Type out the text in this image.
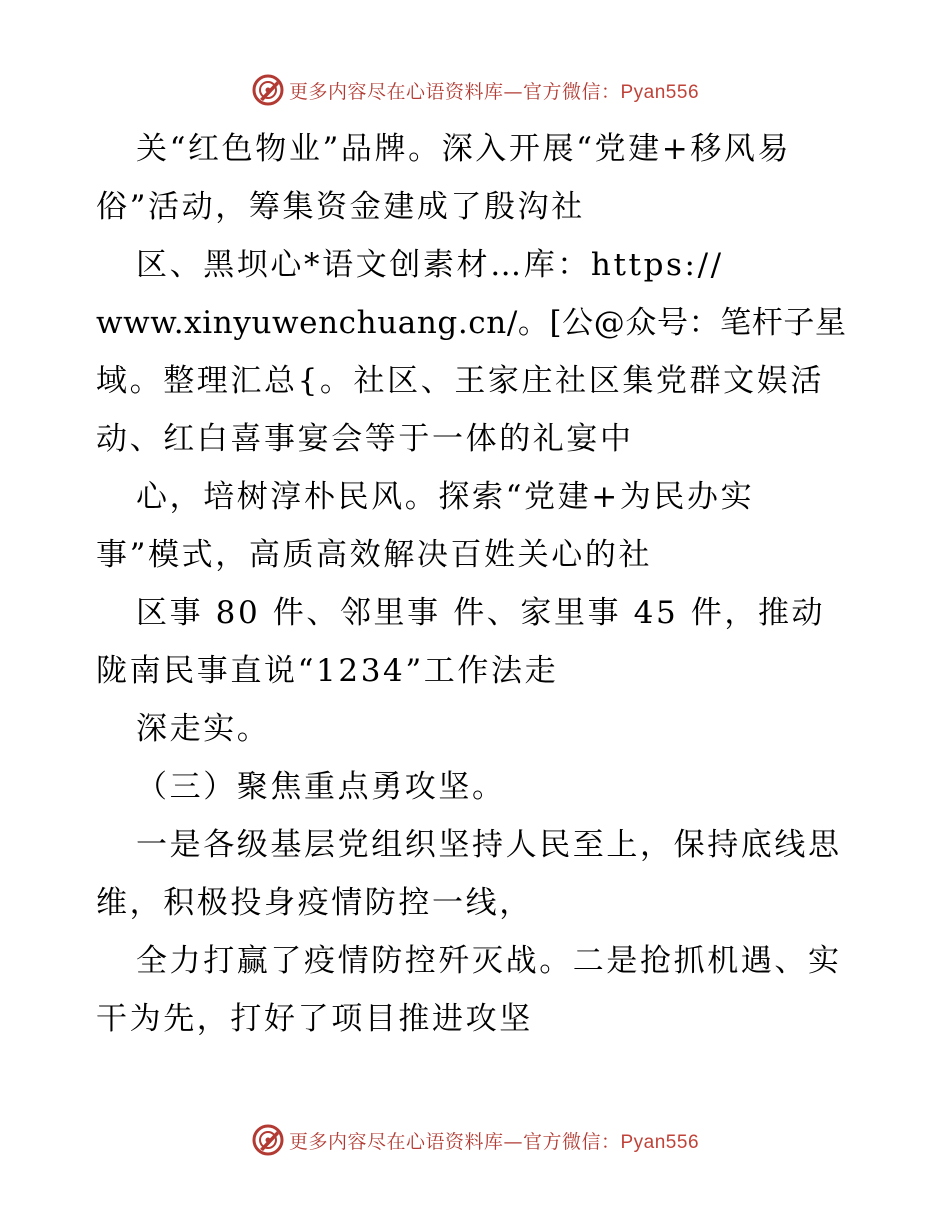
更多内容尽在心语资料库—官方微信：Pyan556
关“红色物业”品牌。深入开展“党建+移风易
俗”活动，筹集资金建成了殷沟社
区、黑坝心*语文创素材…库：https://
www.xinyuwenchuang.cn/。[公@众号：笔杆子星
域。整理汇总{。社区、王家庄社区集党群文娱活
动、红白喜事宴会等于一体的礼宴中
心，培树淳朴民风。探索“党建+为民办实
事”模式，高质高效解决百姓关心的社
区事 80 件、邻里事 件、家里事 45 件，推动
陇南民事直说“1234”工作法走
深走实。
（三）聚焦重点勇攻坚。
一是各级基层党组织坚持人民至上，保持底线思
维，积极投身疫情防控一线，
全力打赢了疫情防控歼灭战。二是抢抓机遇、实
干为先，打好了项目推进攻坚
更多内容尽在心语资料库—官方微信：Pyan556
